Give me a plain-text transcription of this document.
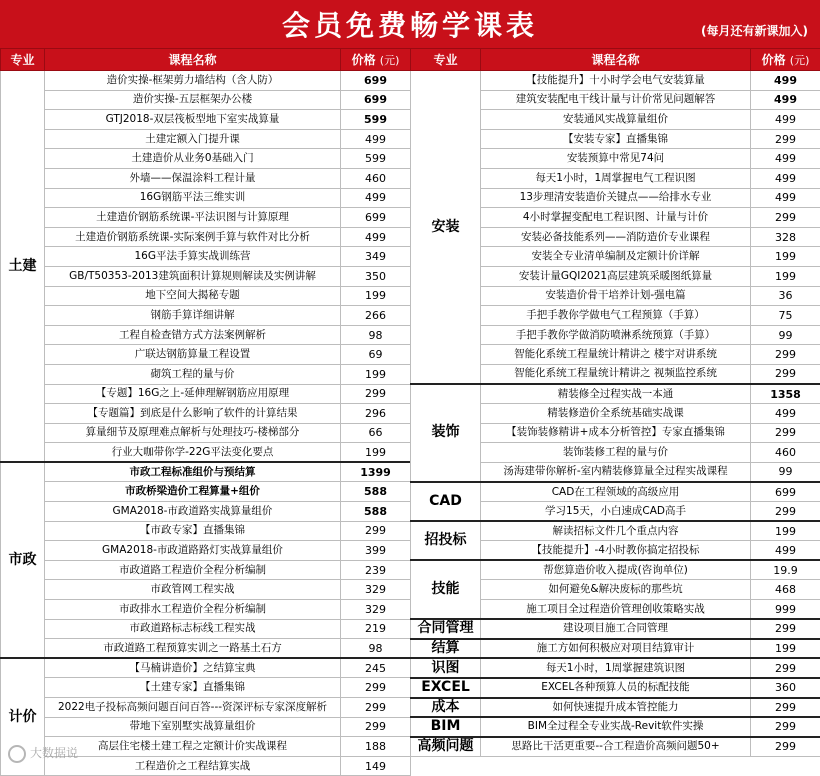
会员免费畅学课表	(每月还有新课加入)
专业	课程名称	价格 (元)
土建	造价实操-框架剪力墙结构（含人防）	699
	造价实操-五层框架办公楼	699
	GTJ2018-双层筏板型地下室实战算量	599
	土建定额入门提升课	499
	土建造价从业务0基础入门	599
	外墙——保温涂料工程计量	460
	16G钢筋平法三维实训	499
	土建造价钢筋系统课-平法识图与计算原理	699
	土建造价钢筋系统课-实际案例手算与软件对比分析	499
	16G平法手算实战训练营	349
	GB/T50353-2013建筑面积计算规则解读及实例讲解	350
	地下空间大揭秘专题	199
	钢筋手算详细讲解	266
	工程自检查错方式方法案例解析	98
	广联达钢筋算量工程设置	69
	砌筑工程的量与价	199
	【专题】16G之上-延伸理解钢筋应用原理	299
	【专题篇】到底是什么影响了软件的计算结果	296
	算量细节及原理难点解析与处理技巧-楼梯部分	66
	行业大咖带你学-22G平法变化要点	199
市政	市政工程标准组价与预结算	1399
	市政桥梁造价工程算量+组价	588
	GMA2018-市政道路实战算量组价	588
	【市政专家】直播集锦	299
	GMA2018-市政道路路灯实战算量组价	399
	市政道路工程造价全程分析编制	239
	市政管网工程实战	329
	市政排水工程造价全程分析编制	329
	市政道路标志标线工程实战	219
	市政道路工程预算实训之一路基土石方	98
计价	【马楠讲造价】之结算宝典	245
	【土建专家】直播集锦	299
	2022电子投标高频问题百问百答---资深评标专家深度解析	299
	带地下室别墅实战算量组价	299
	高层住宅楼土建工程之定额计价实战课程	188
	工程造价之工程结算实战	149
专业	课程名称	价格 (元)
安装	【技能提升】十小时学会电气安装算量	499
	建筑安装配电干线计量与计价常见问题解答	499
	安装通风实战算量组价	499
	【安装专家】直播集锦	299
	安装预算中常见74问	499
	每天1小时，1周掌握电气工程识图	499
	13步理清安装造价关键点——给排水专业	499
	4小时掌握变配电工程识图、计量与计价	299
	安装必备技能系列——消防造价专业课程	328
	安装全专业清单编制及定额计价详解	199
	安装计量GQI2021高层建筑采暖图纸算量	199
	安装造价骨干培养计划-强电篇	36
	手把手教你学做电气工程预算（手算）	75
	手把手教你学做消防喷淋系统预算（手算）	99
	智能化系统工程量统计精讲之 楼宇对讲系统	299
	智能化系统工程量统计精讲之 视频监控系统	299
装饰	精装修全过程实战一本通	1358
	精装修造价全系统基础实战课	499
	【装饰装修精讲+成本分析管控】专家直播集锦	299
	装饰装修工程的量与价	460
	汤海建带你解析-室内精装修算量全过程实战课程	99
CAD	CAD在工程领域的高级应用	699
	学习15天，小白速成CAD高手	299
招投标	解读招标文件几个重点内容	199
	【技能提升】-4小时教你搞定招投标	499
技能	帮您算造价收入提成(咨询单位)	19.9
	如何避免&解决废标的那些坑	468
	施工项目全过程造价管理创收策略实战	999
合同管理	建设项目施工合同管理	299
结算	施工方如何积极应对项目结算审计	199
识图	每天1小时，1周掌握建筑识图	299
EXCEL	EXCEL各种预算人员的标配技能	360
成本	如何快速提升成本管控能力	299
BIM	BIM全过程全专业实战-Revit软件实操	299
高频问题	思路比干活更重要--合工程造价高频问题50+	299
大数据说
